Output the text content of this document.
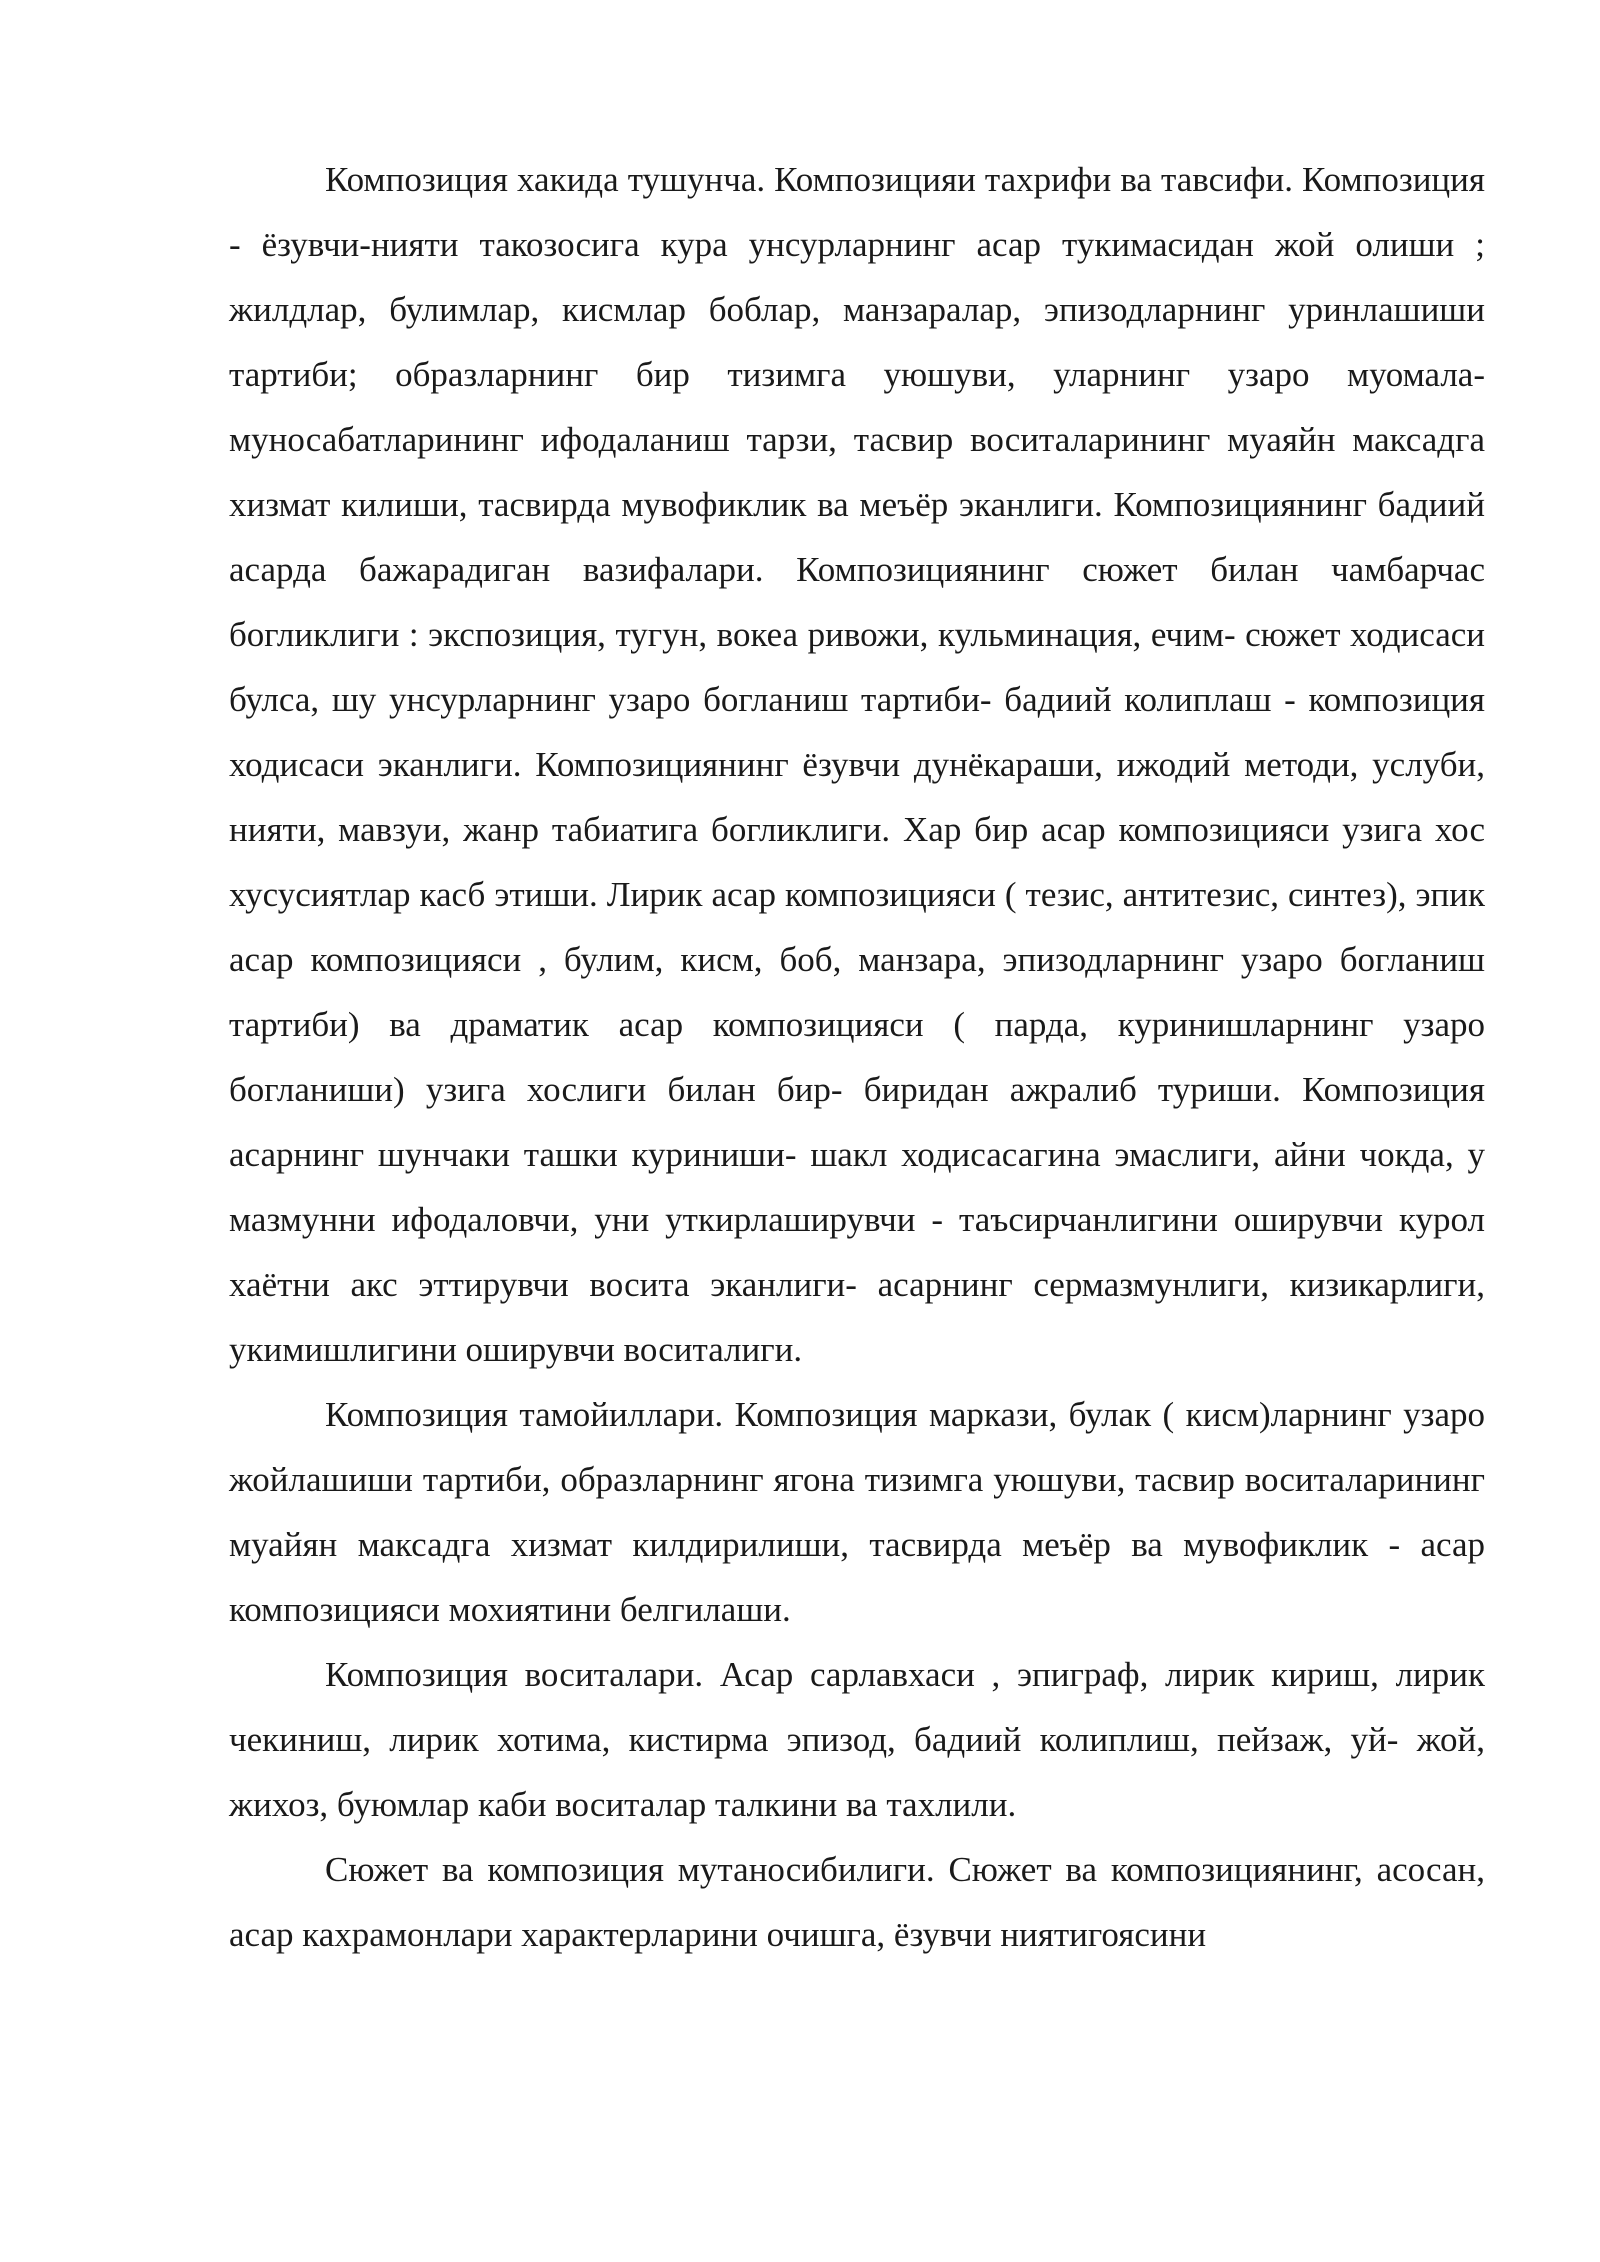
Композиция хакида тушунча. Композицияи тахрифи ва тавсифи. Композиция - ёзувчи-нияти такозосига кура унсурларнинг асар тукимасидан жой олиши ; жилдлар, булимлар, кисмлар боблар, манзаралар, эпизодларнинг уринлашиши тартиби; образларнинг бир тизимга уюшуви, уларнинг узаро муомала- муносабатларининг ифодаланиш тарзи, тасвир воситаларининг муаяйн максадга хизмат килиши, тасвирда мувофиклик ва меъёр эканлиги. Композициянинг бадиий асарда бажарадиган вазифалари. Композициянинг сюжет билан чамбарчас богликлиги : экспозиция, тугун, вокеа ривожи, кульминация, ечим- сюжет ходисаси булса, шу унсурларнинг узаро богланиш тартиби- бадиий колиплаш - композиция ходисаси эканлиги. Композициянинг ёзувчи дунёкараши, ижодий методи, услуби, нияти, мавзуи, жанр табиатига богликлиги. Хар бир асар композицияси узига хос хусусиятлар касб этиши. Лирик асар композицияси ( тезис, антитезис, синтез), эпик асар композицияси , булим, кисм, боб, манзара, эпизодларнинг узаро богланиш тартиби) ва драматик асар композицияси ( парда, куринишларнинг узаро богланиши) узига хослиги билан бир- биридан ажралиб туриши. Композиция асарнинг шунчаки ташки куриниши- шакл ходисасагина эмаслиги, айни чокда, у мазмунни ифодаловчи, уни уткирлаширувчи - таъсирчанлигини оширувчи курол хаётни акс эттирувчи восита эканлиги- асарнинг сермазмунлиги, кизикарлиги, укимишлигини оширувчи воситалиги.

Композиция тамойиллари. Композиция маркази, булак ( кисм)ларнинг узаро жойлашиши тартиби, образларнинг ягона тизимга уюшуви, тасвир воситаларининг муайян максадга хизмат килдирилиши, тасвирда меъёр ва мувофиклик - асар композицияси мохиятини белгилаши.

Композиция воситалари. Асар сарлавхаси , эпиграф, лирик кириш, лирик чекиниш, лирик хотима, кистирма эпизод, бадиий колиплиш, пейзаж, уй- жой, жихоз, буюмлар каби воситалар талкини ва тахлили.

Сюжет ва композиция мутаносибилиги. Сюжет ва композициянинг, асосан, асар кахрамонлари характерларини очишга, ёзувчи ниятигоясини
